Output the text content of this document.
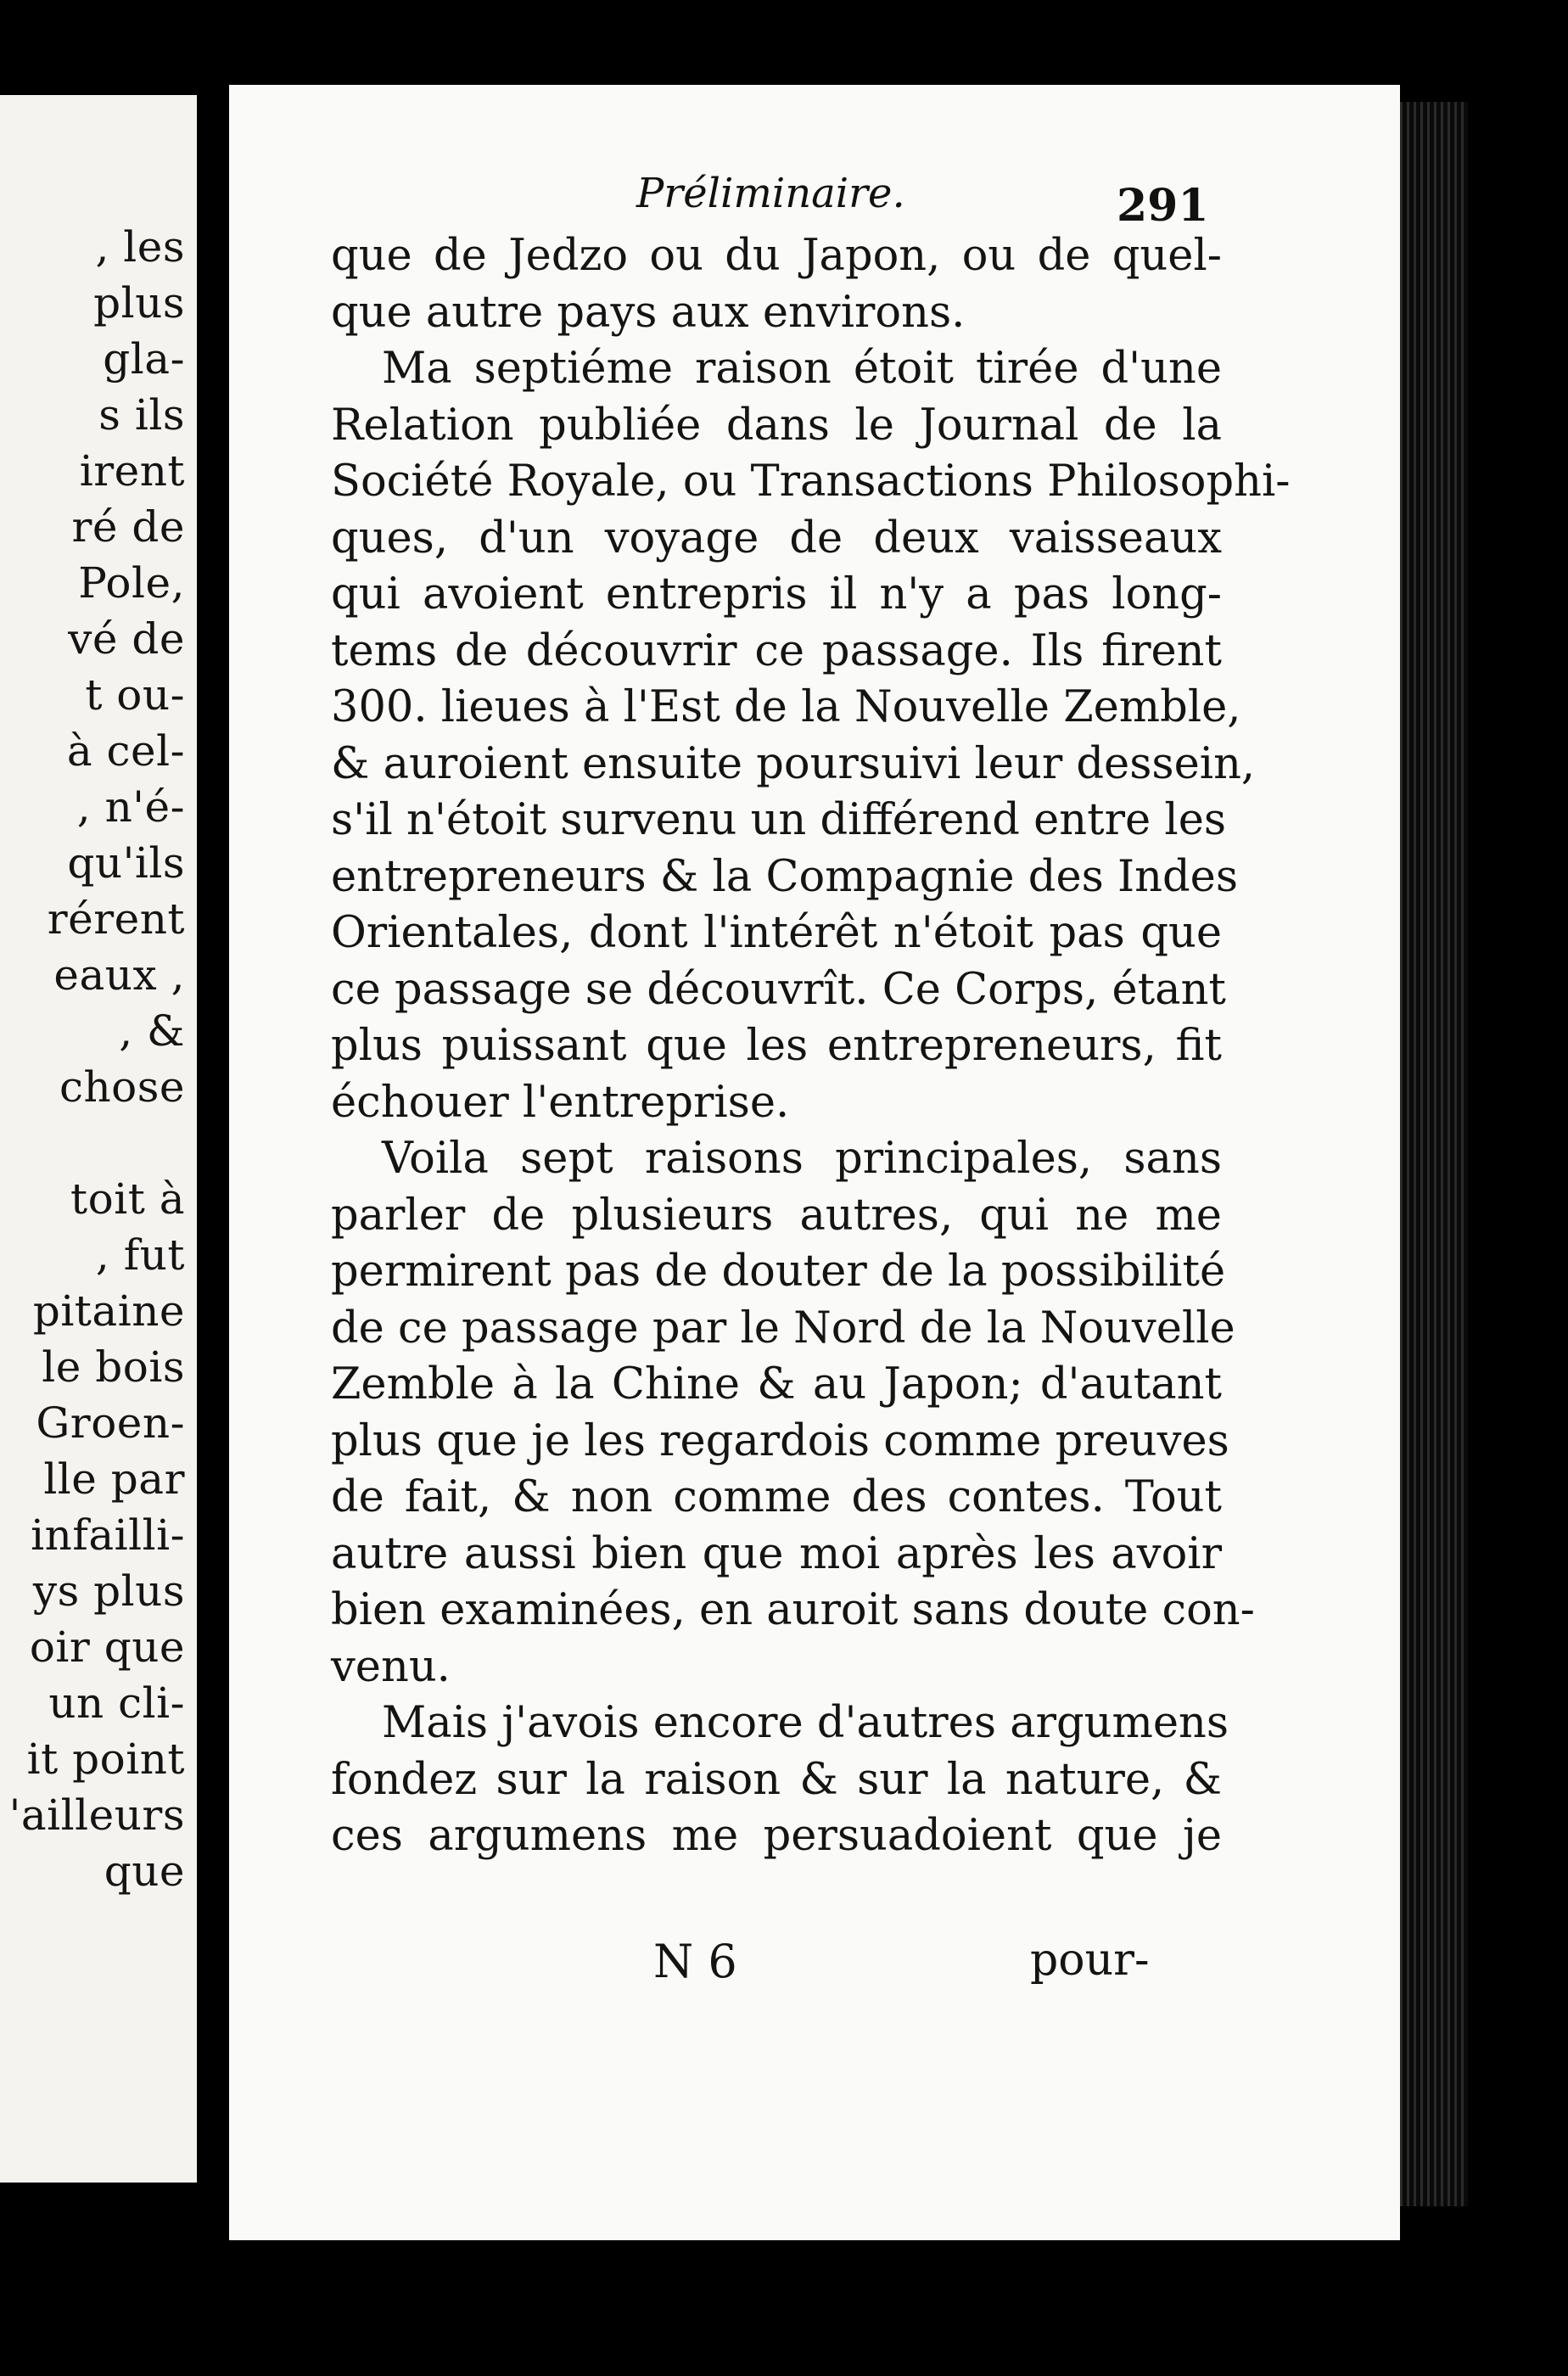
, les
plus
gla-
s ils
irent
ré de
Pole,
vé de
t ou-
à cel-
, n'é-
qu'ils
rérent
eaux ,
, &
chose
toit à
, fut
pitaine
le bois
Groen-
lle par
infailli-
ys plus
oir que
un cli-
it point
'ailleurs
que
Préliminaire.	291
N 6	pour-
que de Jedzo ou du Japon, ou de quel-
que autre pays aux environs.
Ma septiéme raison étoit tirée d'une
Relation publiée dans le Journal de la
Société Royale, ou Transactions Philosophi-
ques, d'un voyage de deux vaisseaux
qui avoient entrepris il n'y a pas long-
tems de découvrir ce passage. Ils firent
300. lieues à l'Est de la Nouvelle Zemble,
& auroient ensuite poursuivi leur dessein,
s'il n'étoit survenu un différend entre les
entrepreneurs & la Compagnie des Indes
Orientales, dont l'intérêt n'étoit pas que
ce passage se découvrît. Ce Corps, étant
plus puissant que les entrepreneurs, fit
échouer l'entreprise.
Voila sept raisons principales, sans
parler de plusieurs autres, qui ne me
permirent pas de douter de la possibilité
de ce passage par le Nord de la Nouvelle
Zemble à la Chine & au Japon; d'autant
plus que je les regardois comme preuves
de fait, & non comme des contes. Tout
autre aussi bien que moi après les avoir
bien examinées, en auroit sans doute con-
venu.
Mais j'avois encore d'autres argumens
fondez sur la raison & sur la nature, &
ces argumens me persuadoient que je
